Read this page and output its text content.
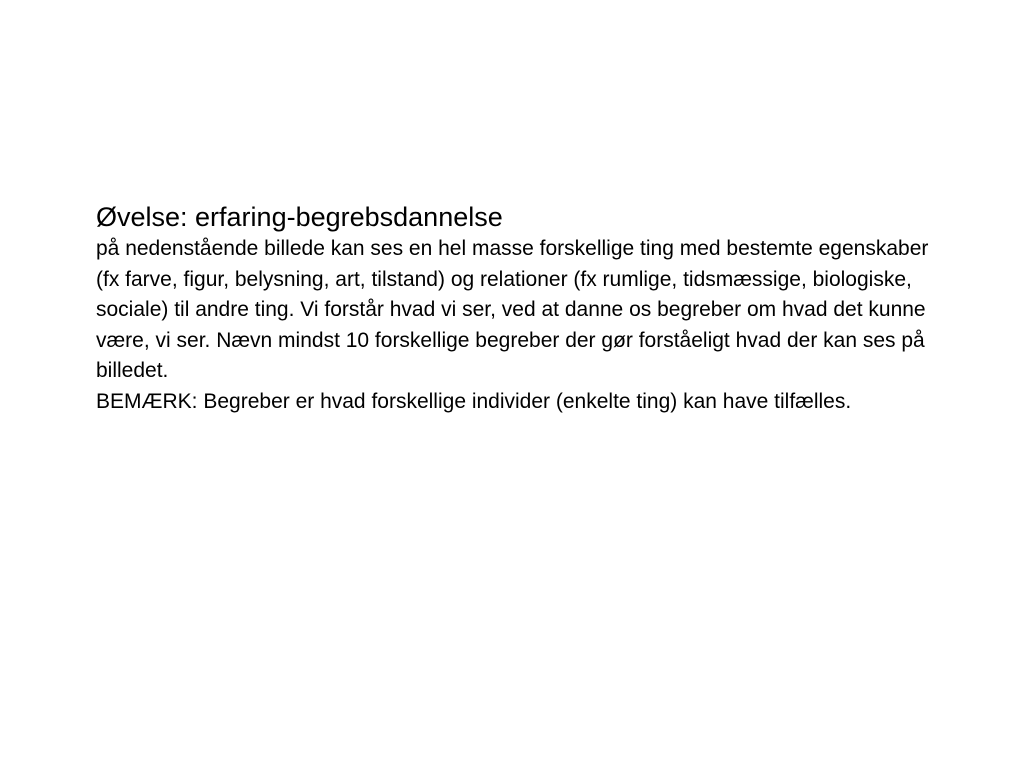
Øvelse: erfaring-begrebsdannelse

på nedenstående billede kan ses en hel masse forskellige ting med bestemte egenskaber (fx farve, figur, belysning, art, tilstand) og relationer (fx rumlige, tidsmæssige, biologiske, sociale) til andre ting. Vi forstår hvad vi ser, ved at danne os begreber om hvad det kunne være, vi ser. Nævn mindst 10 forskellige begreber der gør forståeligt hvad der kan ses på billedet.

BEMÆRK: Begreber er hvad forskellige individer (enkelte ting) kan have tilfælles.
